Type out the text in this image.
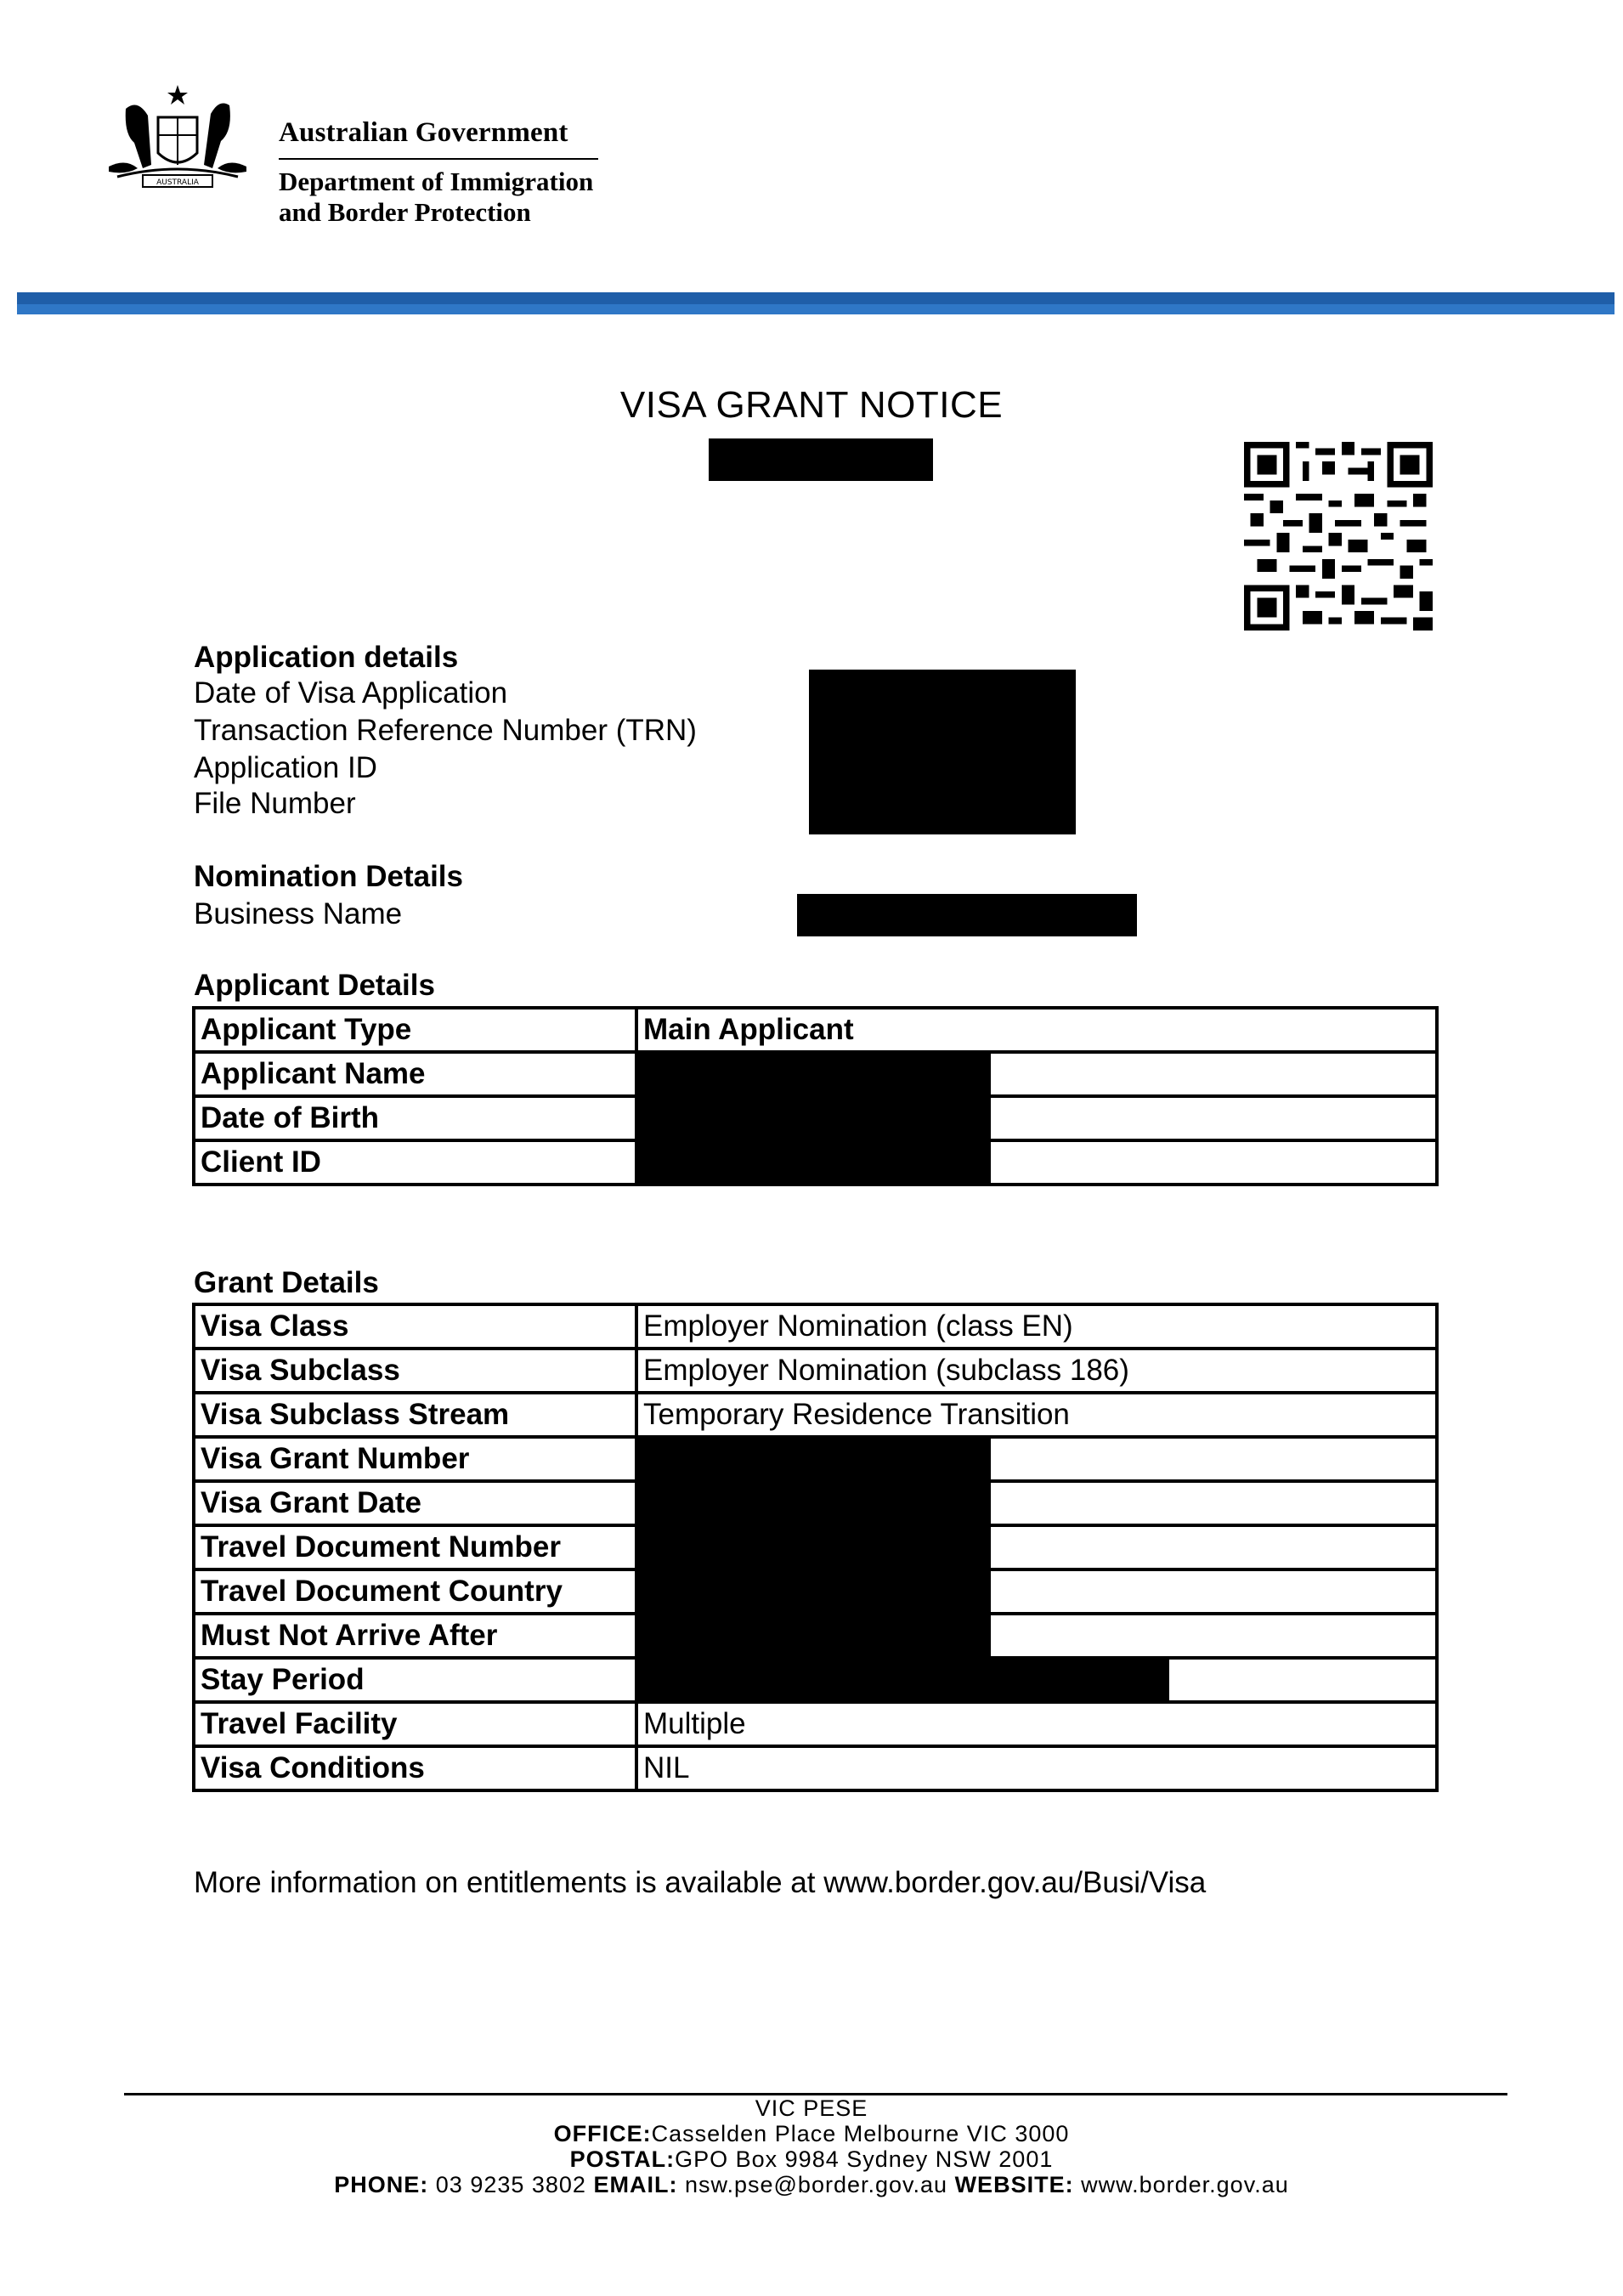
AUSTRALIA
Australian Government
Department of Immigration
and Border Protection
VISA GRANT NOTICE
Application details
Date of Visa Application
Transaction Reference Number (TRN)
Application ID
File Number
Nomination Details
Business Name
Applicant Details
Applicant Type	Main Applicant
Applicant Name	

Date of Birth	

Client ID	
Grant Details
Visa Class	Employer Nomination (class EN)
Visa Subclass	Employer Nomination (subclass 186)
Visa Subclass Stream	Temporary Residence Transition
Visa Grant Number	

Visa Grant Date	

Travel Document Number	

Travel Document Country	

Must Not Arrive After	

Stay Period	

Travel Facility	Multiple
Visa Conditions	NIL
More information on entitlements is available at www.border.gov.au/Busi/Visa
VIC PESE
OFFICE:Casselden Place Melbourne VIC 3000
POSTAL:GPO Box 9984 Sydney NSW 2001
PHONE: 03 9235 3802 EMAIL: nsw.pse@border.gov.au WEBSITE: www.border.gov.au
